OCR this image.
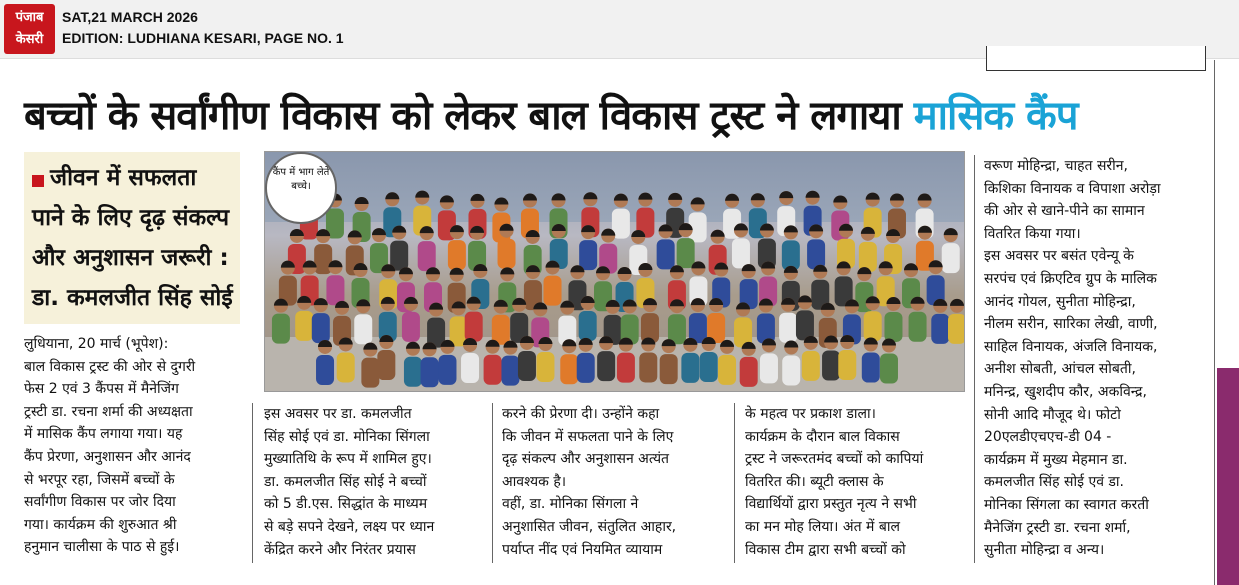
पंजाब
केसरी
SAT,21 MARCH 2026
EDITION: LUDHIANA KESARI, PAGE NO. 1
बच्चों के सर्वांगीण विकास को लेकर बाल विकास ट्रस्ट ने लगाया मासिक कैंप
जीवन में सफलता पाने के लिए दृढ़ संकल्प और अनुशासन जरूरी : डा. कमलजीत सिंह सोई
कैंप में भाग लेते बच्चे।

लुधियाना, 20 मार्च (भूपेश):

बाल विकास ट्रस्ट की ओर से दुगरी

फेस 2 एवं 3 कैंपस में मैनेजिंग

ट्रस्टी डा. रचना शर्मा की अध्यक्षता

में मासिक कैंप लगाया गया। यह

कैंप प्रेरणा, अनुशासन और आनंद

से भरपूर रहा, जिसमें बच्चों के

सर्वांगीण विकास पर जोर दिया

गया। कार्यक्रम की शुरुआत श्री

हनुमान चालीसा के पाठ से हुई।

इस अवसर पर डा. कमलजीत

सिंह सोई एवं डा. मोनिका सिंगला

मुख्यातिथि के रूप में शामिल हुए।

डा. कमलजीत सिंह सोई ने बच्चों

को 5 डी.एस. सिद्धांत के माध्यम

से बड़े सपने देखने, लक्ष्य पर ध्यान

केंद्रित करने और निरंतर प्रयास

करने की प्रेरणा दी। उन्होंने कहा

कि जीवन में सफलता पाने के लिए

दृढ़ संकल्प और अनुशासन अत्यंत

आवश्यक है।

वहीं, डा. मोनिका सिंगला ने

अनुशासित जीवन, संतुलित आहार,

पर्याप्त नींद एवं नियमित व्यायाम

के महत्व पर प्रकाश डाला।

कार्यक्रम के दौरान बाल विकास

ट्रस्ट ने जरूरतमंद बच्चों को कापियां

वितरित की। ब्यूटी क्लास के

विद्यार्थियों द्वारा प्रस्तुत नृत्य ने सभी

का मन मोह लिया। अंत में बाल

विकास टीम द्वारा सभी बच्चों को

वरूण मोहिन्द्रा, चाहत सरीन,

किशिका विनायक व विपाशा अरोड़ा

की ओर से खाने-पीने का सामान

वितरित किया गया।

इस अवसर पर बसंत एवेन्यू के

सरपंच एवं क्रिएटिव ग्रुप के मालिक

आनंद गोयल, सुनीता मोहिन्द्रा,

नीलम सरीन, सारिका लेखी, वाणी,

साहिल विनायक, अंजलि विनायक,

अनीश सोबती, आंचल सोबती,

मनिन्द्र, खुशदीप कौर, अकविन्द्र,

सोनी आदि मौजूद थे। फोटो

20एलडीएचएच-डी 04 -

कार्यक्रम में मुख्य मेहमान डा.

कमलजीत सिंह सोई एवं डा.

मोनिका सिंगला का स्वागत करती

मैनेजिंग ट्रस्टी डा. रचना शर्मा,

सुनीता मोहिन्द्रा व अन्य।
